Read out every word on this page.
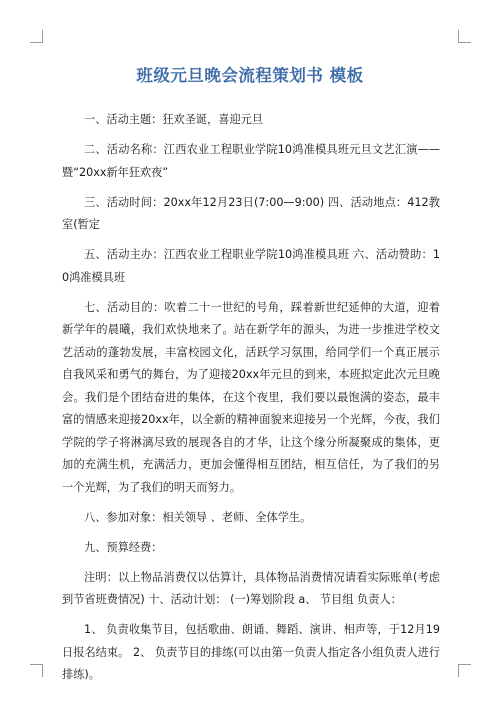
班级元旦晚会流程策划书 模板

一、活动主题：狂欢圣诞，喜迎元旦

二、活动名称：江西农业工程职业学院10鸿准模具班元旦文艺汇演——暨“20xx新年狂欢夜”

三、活动时间：20xx年12月23日(7:00—9:00) 四、活动地点：412教室(暂定

五、活动主办：江西农业工程职业学院10鸿准模具班 六、活动赞助：10鸿准模具班

七、活动目的：吹着二十一世纪的号角，踩着新世纪延伸的大道，迎着新学年的晨曦，我们欢快地来了。站在新学年的源头，为进一步推进学校文艺活动的蓬勃发展，丰富校园文化，活跃学习氛围，给同学们一个真正展示自我风采和勇气的舞台，为了迎接20xx年元旦的到来，本班拟定此次元旦晚会。我们是个团结奋进的集体，在这个夜里，我们要以最饱满的姿态，最丰富的情感来迎接20xx年，以全新的精神面貌来迎接另一个光辉，今夜，我们学院的学子将淋漓尽致的展现各自的才华，让这个缘分所凝聚成的集体，更加的充满生机，充满活力，更加会懂得相互团结，相互信任，为了我们的另一个光辉，为了我们的明天而努力。

八、参加对象：相关领导 、老师、全体学生。

九、预算经费：

注明：以上物品消费仅以估算计，具体物品消费情况请看实际账单(考虑到节省班费情况) 十、活动计划： (一)筹划阶段 a、 节目组 负责人：

1、 负责收集节目，包括歌曲、朗诵、舞蹈、演讲、相声等，于12月19日报名结束。 2、 负责节目的排练(可以由第一负责人指定各小组负责人进行排练)。
